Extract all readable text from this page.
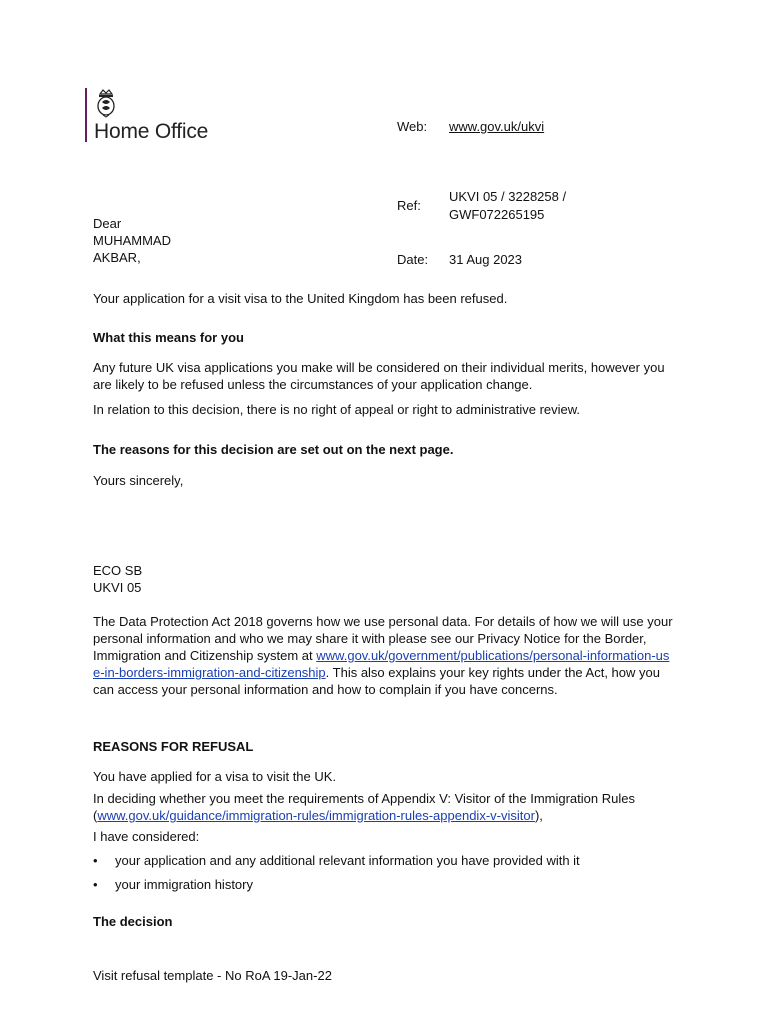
Home Office	Web: www.gov.uk/ukvi
Ref:
UKVI 05 / 3228258 /
GWF072265195
Date: 31 Aug 2023
Dear
MUHAMMAD
AKBAR,
Your application for a visit visa to the United Kingdom has been refused.
What this means for you
Any future UK visa applications you make will be considered on their individual merits, however you are likely to be refused unless the circumstances of your application change.
In relation to this decision, there is no right of appeal or right to administrative review.
The reasons for this decision are set out on the next page.
Yours sincerely,
ECO SB
UKVI 05
The Data Protection Act 2018 governs how we use personal data. For details of how we will use your personal information and who we may share it with please see our Privacy Notice for the Border, Immigration and Citizenship system at www.gov.uk/government/publications/personal-information-use-in-borders-immigration-and-citizenship. This also explains your key rights under the Act, how you can access your personal information and how to complain if you have concerns.
REASONS FOR REFUSAL
You have applied for a visa to visit the UK.
In deciding whether you meet the requirements of Appendix V: Visitor of the Immigration Rules (www.gov.uk/guidance/immigration-rules/immigration-rules-appendix-v-visitor),
I have considered:
• your application and any additional relevant information you have provided with it
• your immigration history
The decision
Visit refusal template - No RoA 19-Jan-22
